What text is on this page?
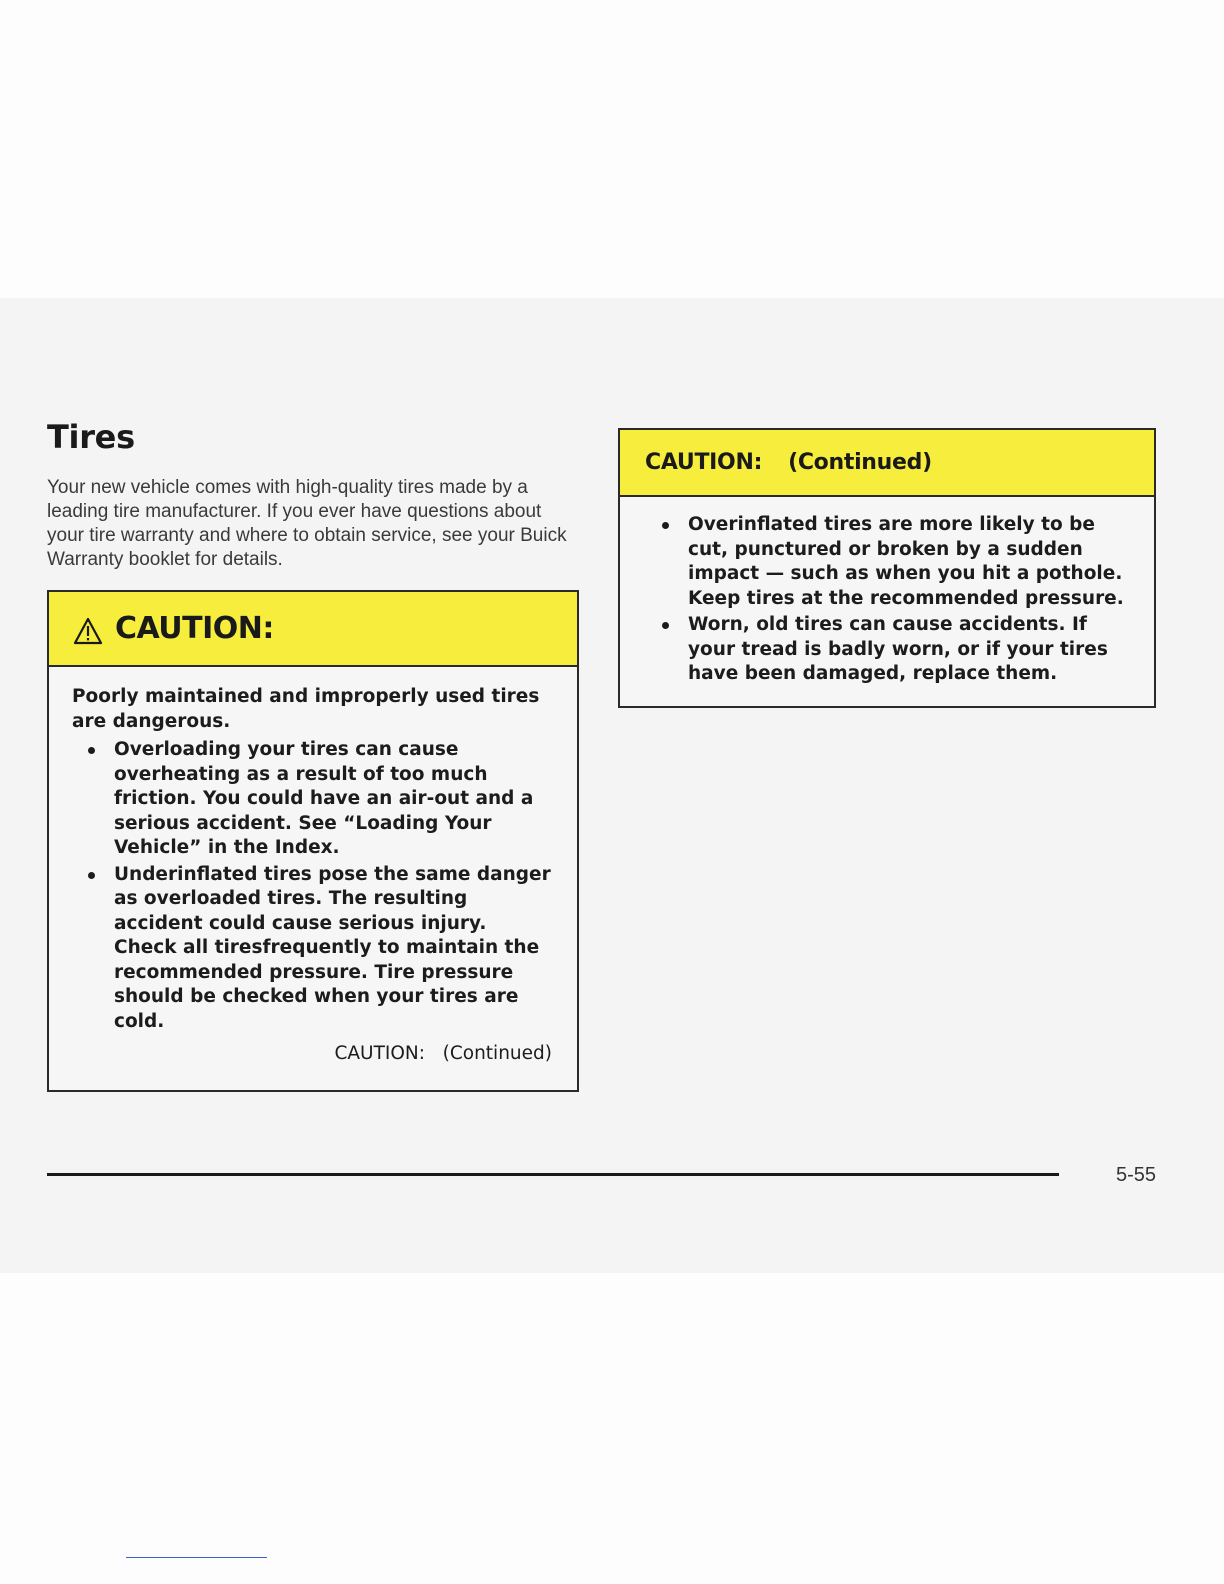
Tires

Your new vehicle comes with high-quality tires made by a leading tire manufacturer. If you ever have questions about your tire warranty and where to obtain service, see your Buick Warranty booklet for details.

CAUTION:

Poorly maintained and improperly used tires are dangerous.

Overloading your tires can cause overheating as a result of too much friction. You could have an air-out and a serious accident. See “Loading Your Vehicle” in the Index.
Underinflated tires pose the same danger as overloaded tires. The resulting accident could cause serious injury. Check all tiresfrequently to maintain the recommended pressure. Tire pressure should be checked when your tires are cold.
CAUTION:   (Continued)
CAUTION: (Continued)
Overinflated tires are more likely to be cut, punctured or broken by a sudden impact — such as when you hit a pothole. Keep tires at the recommended pressure.
Worn, old tires can cause accidents. If your tread is badly worn, or if your tires have been damaged, replace them.
5-55
